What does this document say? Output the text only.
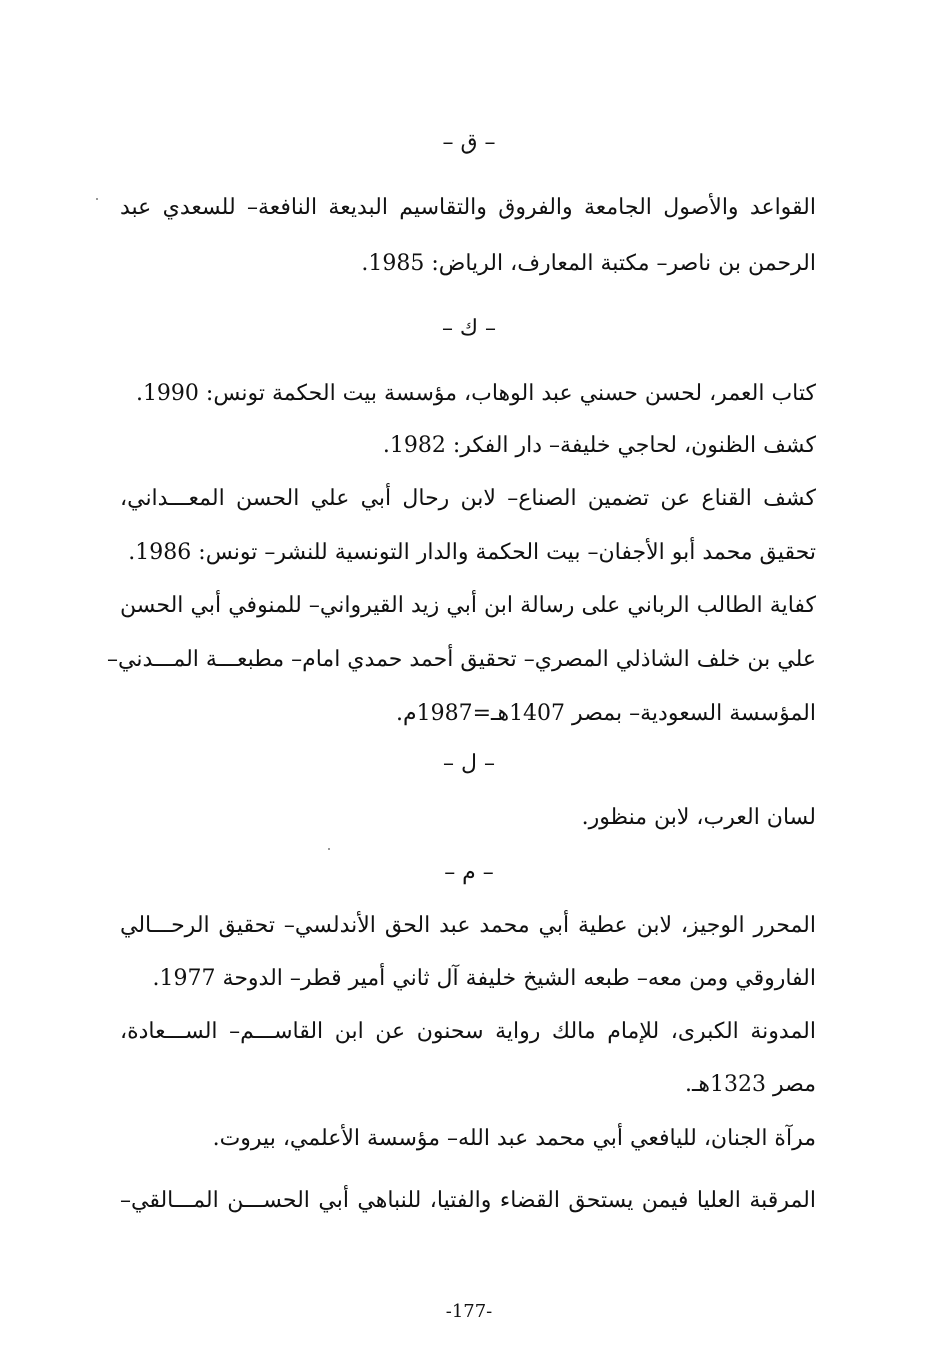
– ق –
القواعد والأصول الجامعة والفروق والتقاسيم البديعة النافعة– للسعدي عبد
الرحمن بن ناصر– مكتبة المعارف، الرياض: 1985.
– ك –
كتاب العمر، لحسن حسني عبد الوهاب، مؤسسة بيت الحكمة تونس: 1990.
كشف الظنون، لحاجي خليفة– دار الفكر: 1982.
كشف القناع عن تضمين الصناع– لابن رحال أبي علي الحسن المعـــداني،
تحقيق محمد أبو الأجفان– بيت الحكمة والدار التونسية للنشر– تونس: 1986.
كفاية الطالب الرباني على رسالة ابن أبي زيد القيرواني– للمنوفي أبي الحسن
علي بن خلف الشاذلي المصري– تحقيق أحمد حمدي امام– مطبعـــة المـــدني–
المؤسسة السعودية– بمصر 1407هـ=1987م.
– ل –
لسان العرب، لابن منظور.
– م –
المحرر الوجيز، لابن عطية أبي محمد عبد الحق الأندلسي– تحقيق الرحـــالي
الفاروقي ومن معه– طبعه الشيخ خليفة آل ثاني أمير قطر– الدوحة 1977.
المدونة الكبرى، للإمام مالك رواية سحنون عن ابن القاســـم– الســـعادة،
مصر 1323هـ.
مرآة الجنان، لليافعي أبي محمد عبد الله– مؤسسة الأعلمي، بيروت.
المرقبة العليا فيمن يستحق القضاء والفتيا، للنباهي أبي الحســـن المـــالقي–
-177-
